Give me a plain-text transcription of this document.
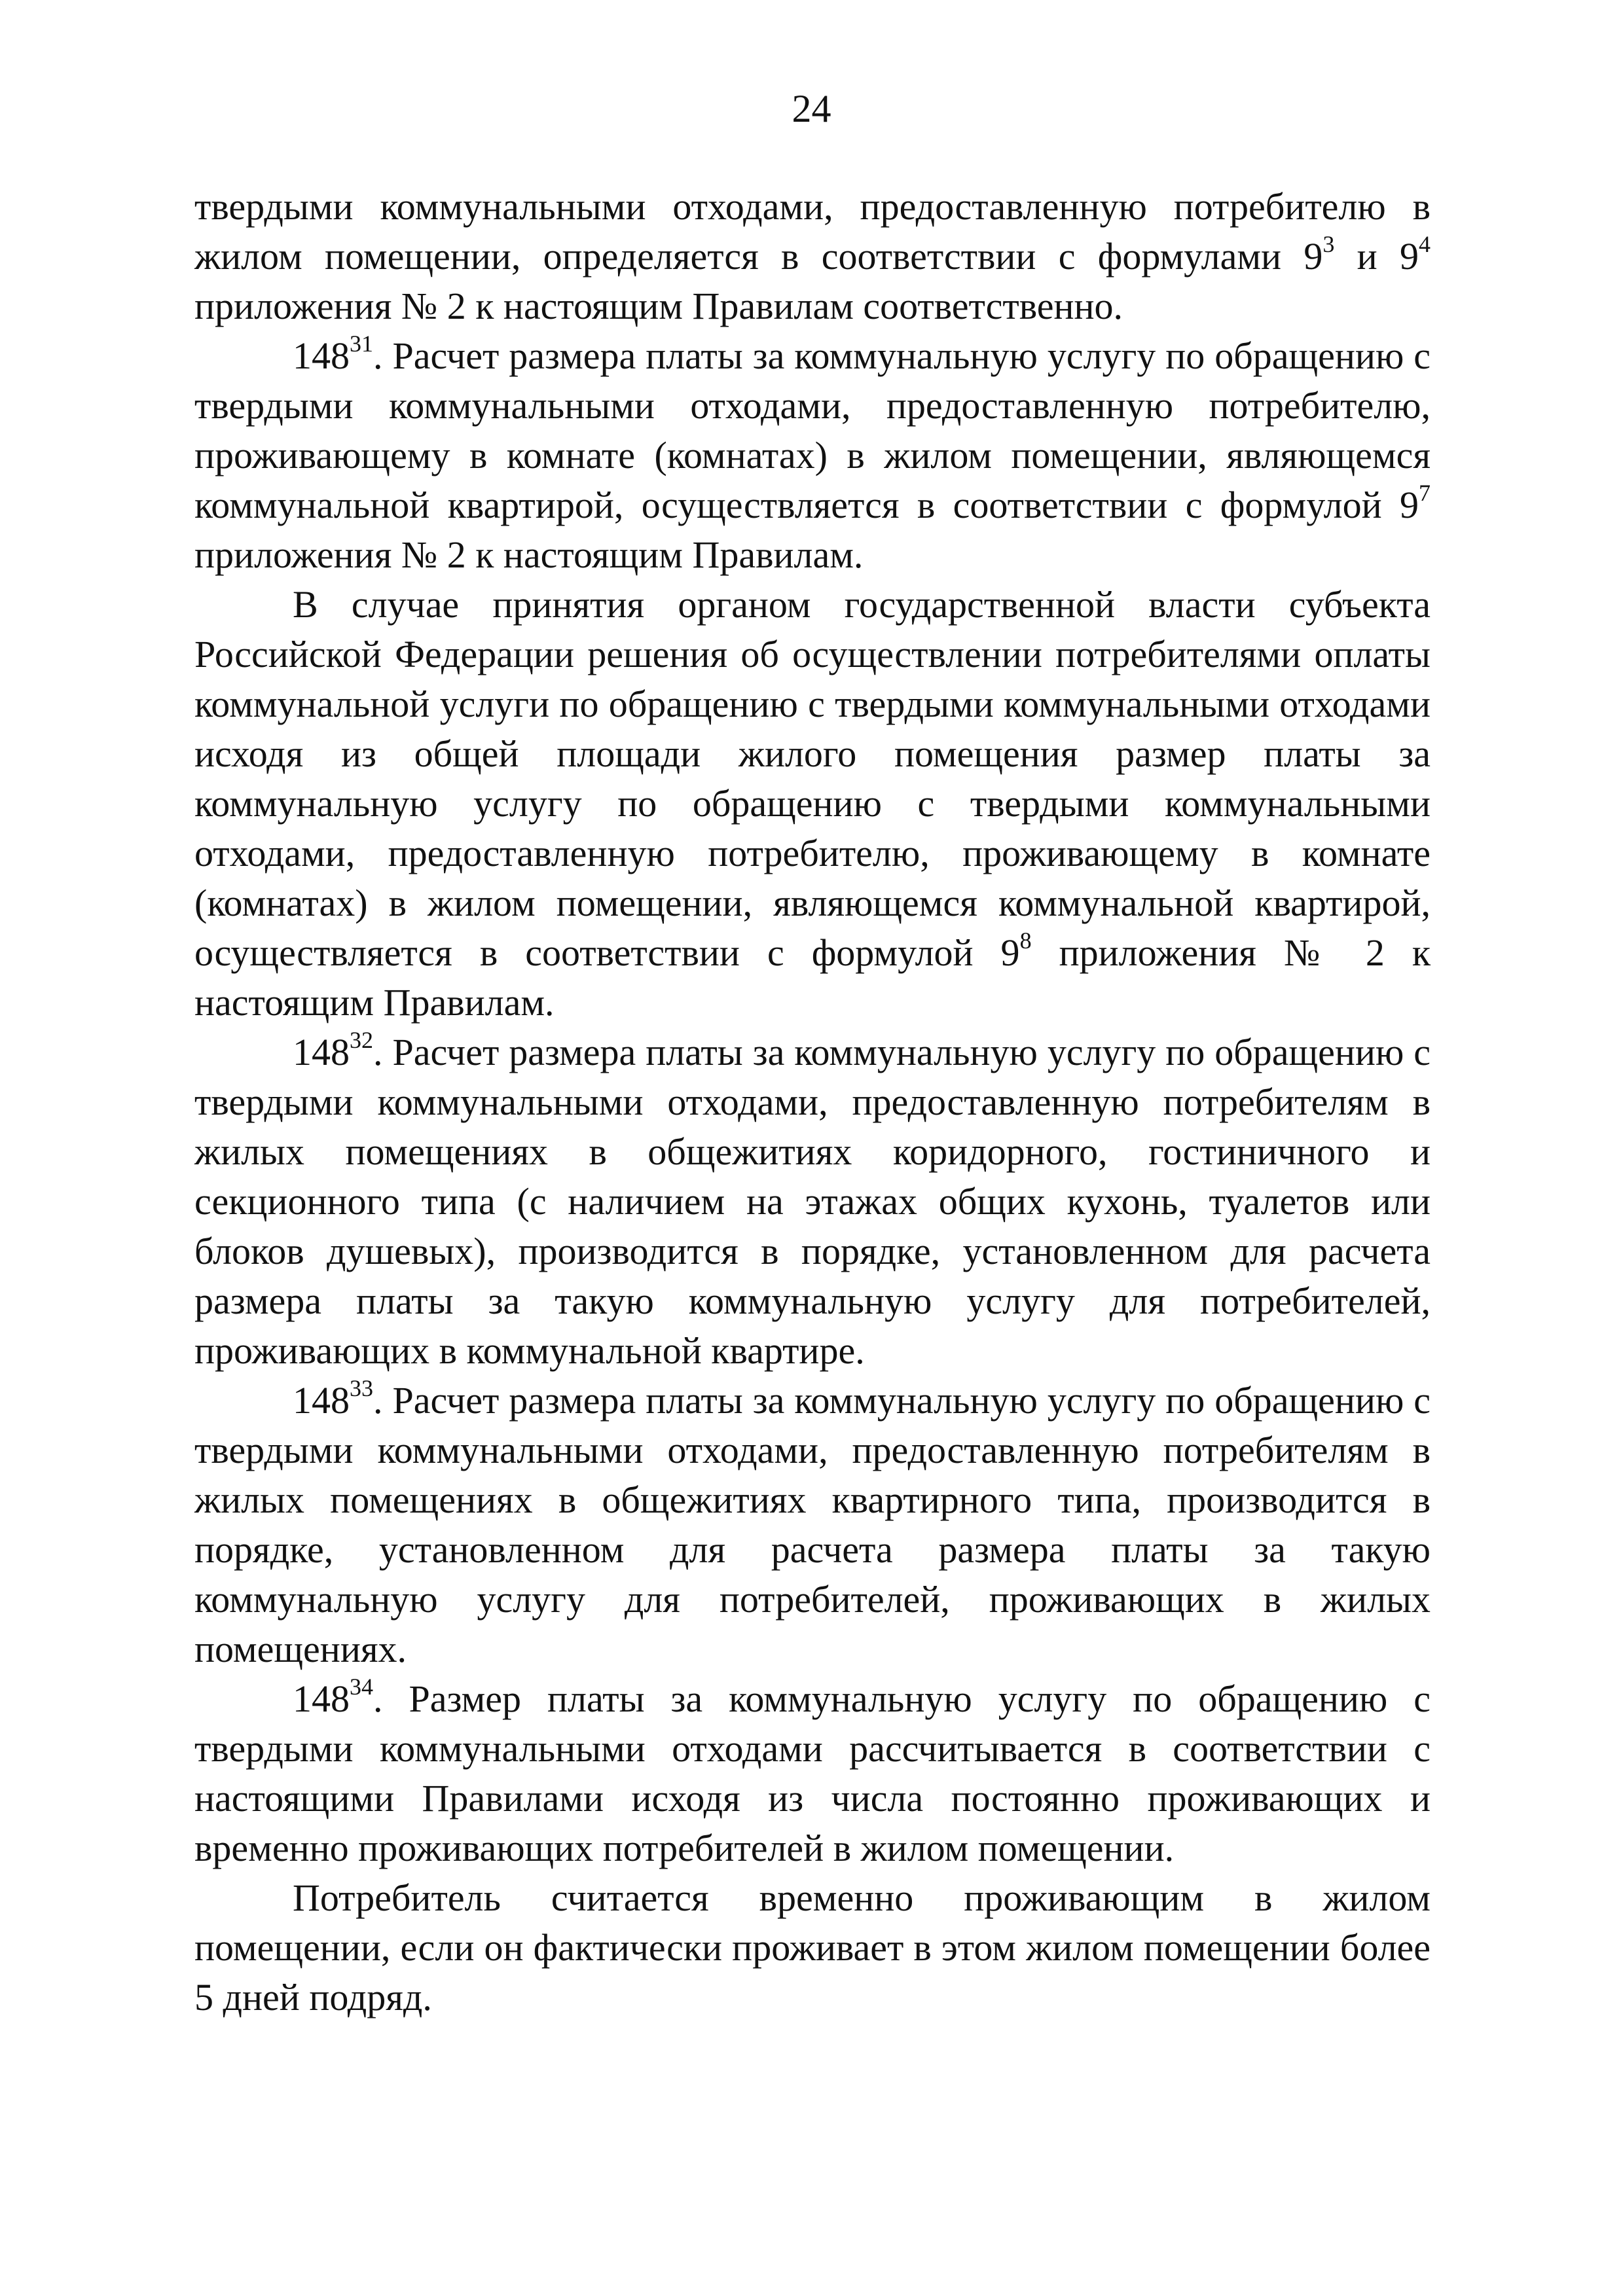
24

твердыми коммунальными отходами, предоставленную потребителю в жилом помещении, определяется в соответствии с формулами $9^3$ и $9^4$ приложения № 2 к настоящим Правилам соответственно.

$148^{31}$. Расчет размера платы за коммунальную услугу по обращению с твердыми коммунальными отходами, предоставленную потребителю, проживающему в комнате (комнатах) в жилом помещении, являющемся коммунальной квартирой, осуществляется в соответствии с формулой $9^7$ приложения № 2 к настоящим Правилам.

В случае принятия органом государственной власти субъекта Российской Федерации решения об осуществлении потребителями оплаты коммунальной услуги по обращению с твердыми коммунальными отходами исходя из общей площади жилого помещения размер платы за коммунальную услугу по обращению с твердыми коммунальными отходами, предоставленную потребителю, проживающему в комнате (комнатах) в жилом помещении, являющемся коммунальной квартирой, осуществляется в соответствии с формулой $9^8$ приложения № 2 к настоящим Правилам.

$148^{32}$. Расчет размера платы за коммунальную услугу по обращению с твердыми коммунальными отходами, предоставленную потребителям в жилых помещениях в общежитиях коридорного, гостиничного и секционного типа (с наличием на этажах общих кухонь, туалетов или блоков душевых), производится в порядке, установленном для расчета размера платы за такую коммунальную услугу для потребителей, проживающих в коммунальной квартире.

$148^{33}$. Расчет размера платы за коммунальную услугу по обращению с твердыми коммунальными отходами, предоставленную потребителям в жилых помещениях в общежитиях квартирного типа, производится в порядке, установленном для расчета размера платы за такую коммунальную услугу для потребителей, проживающих в жилых помещениях.

$148^{34}$. Размер платы за коммунальную услугу по обращению с твердыми коммунальными отходами рассчитывается в соответствии с настоящими Правилами исходя из числа постоянно проживающих и временно проживающих потребителей в жилом помещении.

Потребитель считается временно проживающим в жилом помещении, если он фактически проживает в этом жилом помещении более 5 дней подряд.
